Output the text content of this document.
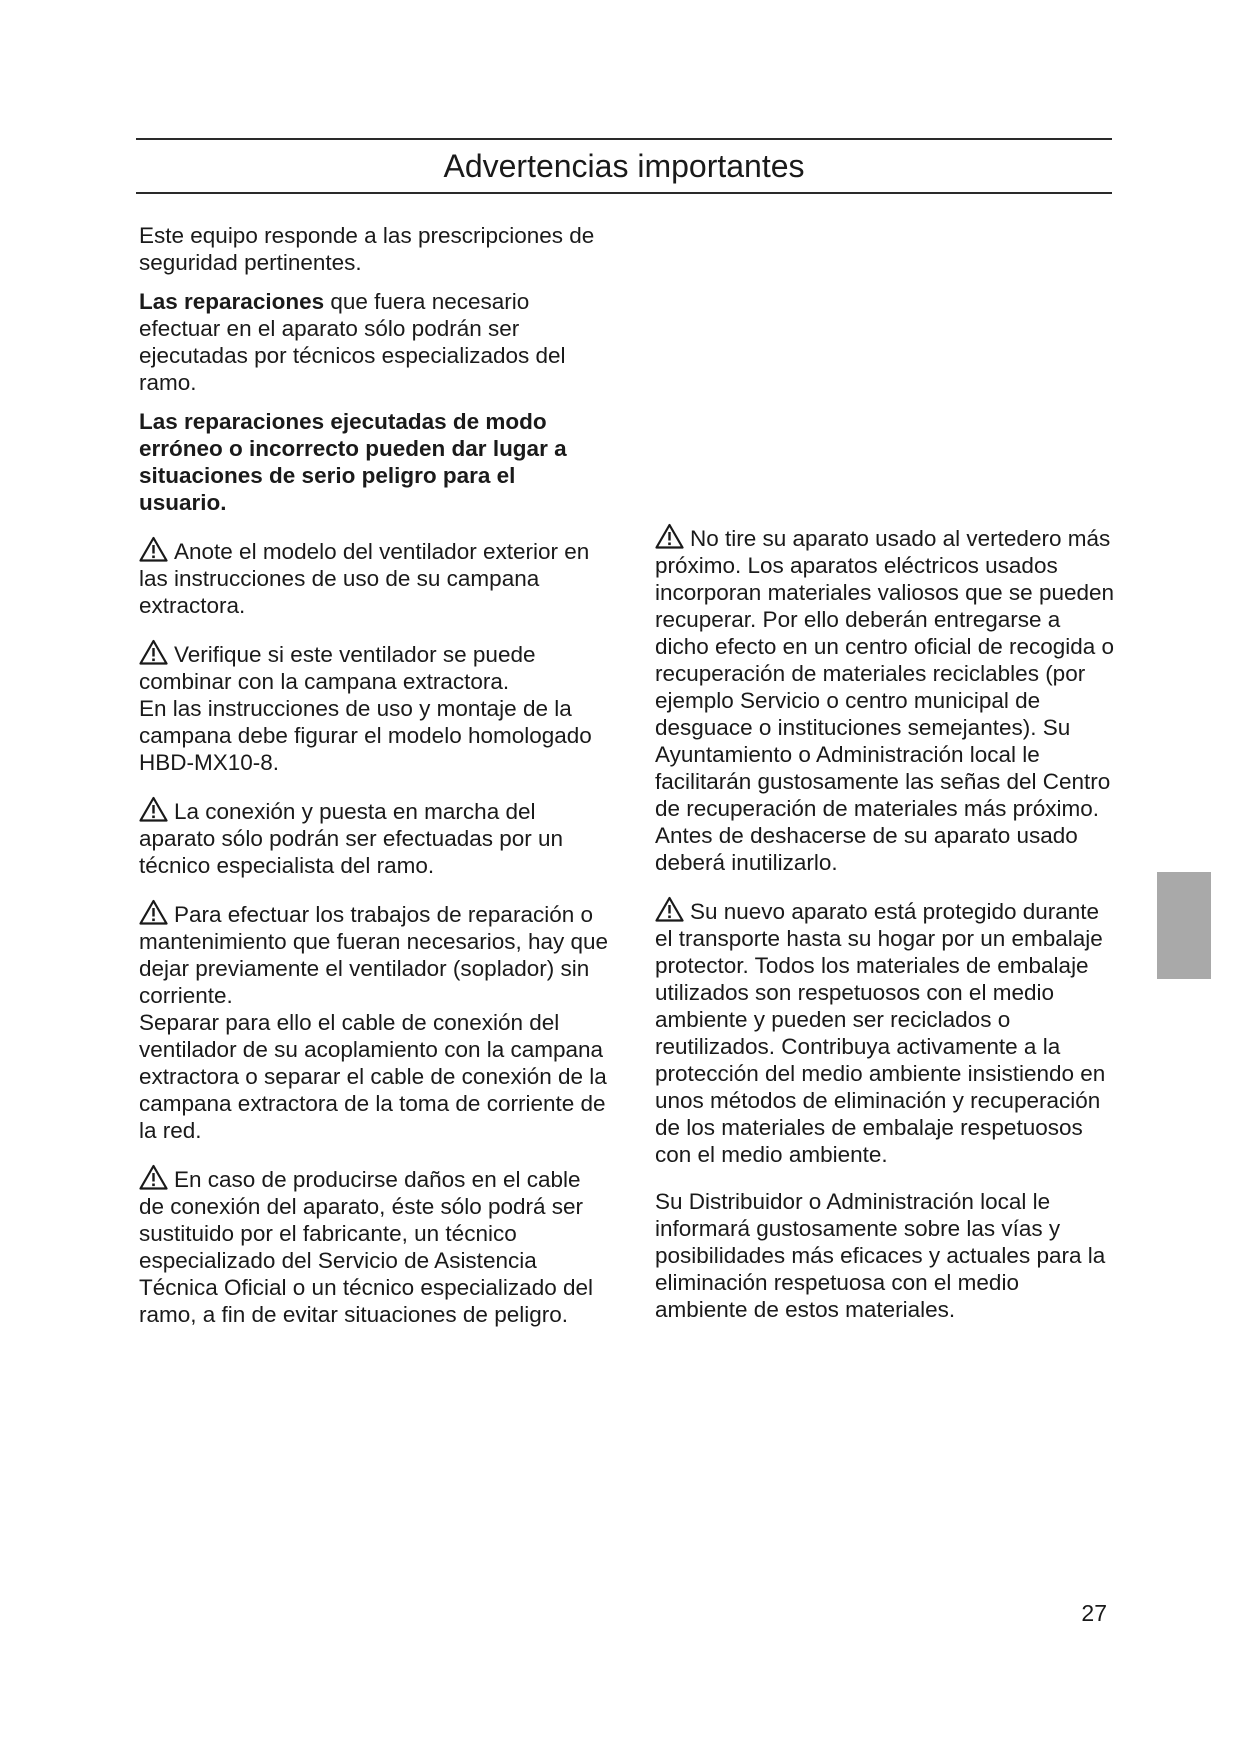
Advertencias importantes

Este equipo responde a las prescripciones de seguridad pertinentes.

Las reparaciones que fuera necesario efectuar en el aparato sólo podrán ser ejecutadas por técnicos especializados del ramo.

Las reparaciones ejecutadas de modo erróneo o incorrecto pueden dar lugar a situaciones de serio peligro para el usuario.

Anote el modelo del ventilador exterior en las instrucciones de uso de su campana extractora.

Verifique si este ventilador se puede combinar con la campana extractora.

En las instrucciones de uso y montaje de la campana debe figurar el modelo homologado HBD-MX10-8.

La conexión y puesta en marcha del aparato sólo podrán ser efectuadas por un técnico especialista del ramo.

Para efectuar los trabajos de reparación o mantenimiento que fueran necesarios, hay que dejar previamente el ventilador (soplador) sin corriente.

Separar para ello el cable de conexión del ventilador de su acoplamiento con la campana extractora o separar el cable de conexión de la campana extractora de la toma de corriente de la red.

En caso de producirse daños en el cable de conexión del aparato, éste sólo podrá ser sustituido por el fabricante, un técnico especializado del Servicio de Asistencia Técnica Oficial o un técnico especializado del ramo, a fin de evitar situaciones de peligro.

No tire su aparato usado al vertedero más próximo. Los aparatos eléctricos usados incorporan materiales valiosos que se pueden recuperar. Por ello deberán entregarse a dicho efecto en un centro oficial de recogida o recuperación de materiales reciclables (por ejemplo Servicio o centro municipal de desguace o instituciones semejantes). Su Ayuntamiento o Administración local le facilitarán gustosamente las señas del Centro de recuperación de materiales más próximo. Antes de deshacerse de su aparato usado deberá inutilizarlo.

Su nuevo aparato está protegido durante el transporte hasta su hogar por un embalaje protector. Todos los materiales de embalaje utilizados son respetuosos con el medio ambiente y pueden ser reciclados o reutilizados. Contribuya activamente a la protección del medio ambiente insistiendo en unos métodos de eliminación y recuperación de los materiales de embalaje respetuosos con el medio ambiente.

Su Distribuidor o Administración local le informará gustosamente sobre las vías y posibilidades más eficaces y actuales para la eliminación respetuosa con el medio ambiente de estos materiales.

27
